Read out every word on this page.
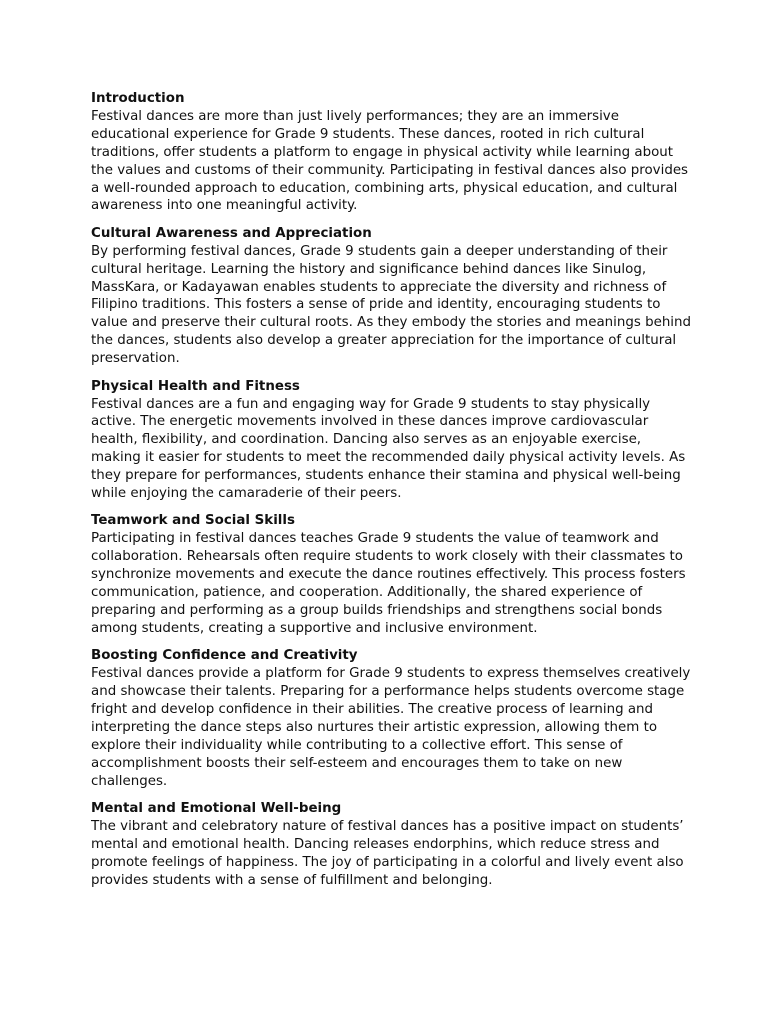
Introduction

Festival dances are more than just lively performances; they are an immersive educational experience for Grade 9 students. These dances, rooted in rich cultural traditions, offer students a platform to engage in physical activity while learning about the values and customs of their community. Participating in festival dances also provides a well-rounded approach to education, combining arts, physical education, and cultural awareness into one meaningful activity.

Cultural Awareness and Appreciation

By performing festival dances, Grade 9 students gain a deeper understanding of their cultural heritage. Learning the history and significance behind dances like Sinulog, MassKara, or Kadayawan enables students to appreciate the diversity and richness of Filipino traditions. This fosters a sense of pride and identity, encouraging students to value and preserve their cultural roots. As they embody the stories and meanings behind the dances, students also develop a greater appreciation for the importance of cultural preservation.

Physical Health and Fitness

Festival dances are a fun and engaging way for Grade 9 students to stay physically active. The energetic movements involved in these dances improve cardiovascular health, flexibility, and coordination. Dancing also serves as an enjoyable exercise, making it easier for students to meet the recommended daily physical activity levels. As they prepare for performances, students enhance their stamina and physical well-being while enjoying the camaraderie of their peers.

Teamwork and Social Skills

Participating in festival dances teaches Grade 9 students the value of teamwork and collaboration. Rehearsals often require students to work closely with their classmates to synchronize movements and execute the dance routines effectively. This process fosters communication, patience, and cooperation. Additionally, the shared experience of preparing and performing as a group builds friendships and strengthens social bonds among students, creating a supportive and inclusive environment.

Boosting Confidence and Creativity

Festival dances provide a platform for Grade 9 students to express themselves creatively and showcase their talents. Preparing for a performance helps students overcome stage fright and develop confidence in their abilities. The creative process of learning and interpreting the dance steps also nurtures their artistic expression, allowing them to explore their individuality while contributing to a collective effort. This sense of accomplishment boosts their self-esteem and encourages them to take on new challenges.

Mental and Emotional Well-being

The vibrant and celebratory nature of festival dances has a positive impact on students’ mental and emotional health. Dancing releases endorphins, which reduce stress and promote feelings of happiness. The joy of participating in a colorful and lively event also provides students with a sense of fulfillment and belonging.
